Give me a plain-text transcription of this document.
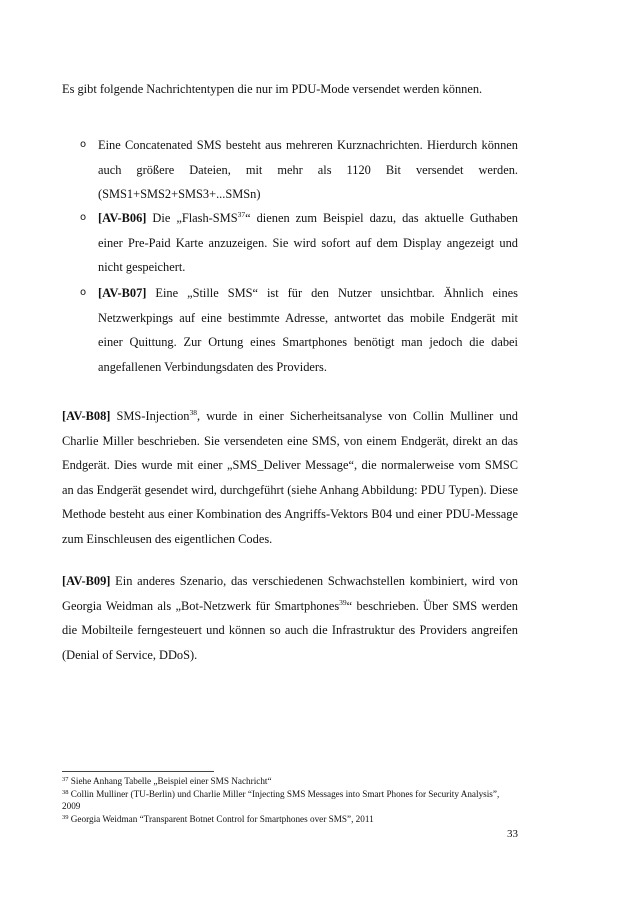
Es gibt folgende Nachrichtentypen die nur im PDU-Mode versendet werden können.

o Eine Concatenated SMS besteht aus mehreren Kurznachrichten. Hierdurch können auch größere Dateien, mit mehr als 1120 Bit versendet werden. (SMS1+SMS2+SMS3+...SMSn)
o [AV-B06] Die „Flash-SMS$^{37}$“ dienen zum Beispiel dazu, das aktuelle Guthaben einer Pre-Paid Karte anzuzeigen. Sie wird sofort auf dem Display angezeigt und nicht gespeichert.
o [AV-B07] Eine „Stille SMS“ ist für den Nutzer unsichtbar. Ähnlich eines Netzwerkpings auf eine bestimmte Adresse, antwortet das mobile Endgerät mit einer Quittung. Zur Ortung eines Smartphones benötigt man jedoch die dabei angefallenen Verbindungsdaten des Providers.

[AV-B08] SMS-Injection$^{38}$, wurde in einer Sicherheitsanalyse von Collin Mulliner und Charlie Miller beschrieben. Sie versendeten eine SMS, von einem Endgerät, direkt an das Endgerät. Dies wurde mit einer „SMS_Deliver Message“, die normalerweise vom SMSC an das Endgerät gesendet wird, durchgeführt (siehe Anhang Abbildung: PDU Typen). Diese Methode besteht aus einer Kombination des Angriffs-Vektors B04 und einer PDU-Message zum Einschleusen des eigentlichen Codes.

[AV-B09] Ein anderes Szenario, das verschiedenen Schwachstellen kombiniert, wird von Georgia Weidman als „Bot-Netzwerk für Smartphones$^{39}$“ beschrieben. Über SMS werden die Mobilteile ferngesteuert und können so auch die Infrastruktur des Providers angreifen (Denial of Service, DDoS).

$^{37}$ Siehe Anhang Tabelle „Beispiel einer SMS Nachricht“

$^{38}$ Collin Mulliner (TU-Berlin) und Charlie Miller “Injecting SMS Messages into Smart Phones for Security Analysis”, 2009

$^{39}$ Georgia Weidman “Transparent Botnet Control for Smartphones over SMS”, 2011

33
